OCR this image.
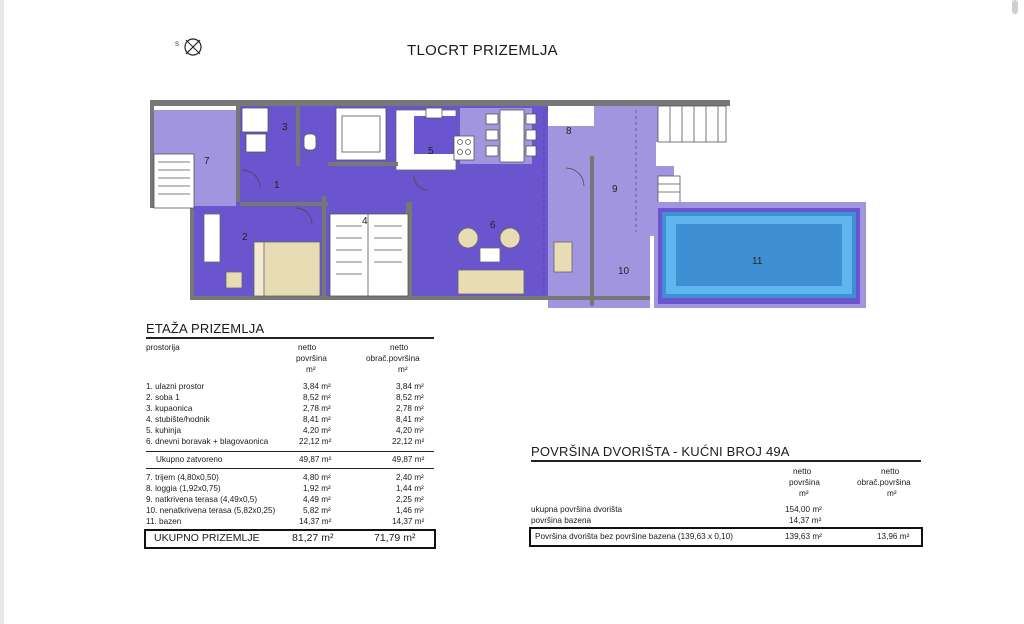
TLOCRT PRIZEMLJA
S
1
2
3
4
5
6
7
8
9
10
11
ETAŽA PRIZEMLJA
prostorija	netto
površina
m²
netto
obrač.površina
m²
1. ulazni prostor	3,84 m²	3,84 m²
2. soba 1	8,52 m²	8,52 m²
3. kupaonica	2,78 m²	2,78 m²
4. stubište/hodnik	8,41 m²	8,41 m²
5. kuhinja	4,20 m²	4,20 m²
6. dnevni boravak + blagovaonica	22,12 m²	22,12 m²
Ukupno zatvoreno	49,87 m²	49,87 m²
7. trijem (4,80x0,50)	4,80 m²	2,40 m²
8. loggia (1,92x0,75)	1,92 m²	1,44 m²
9. natkrivena terasa (4,49x0,5)	4,49 m²	2,25 m²
10. nenatkrivena terasa (5,82x0,25)	5,82 m²	1,46 m²
11. bazen	14,37 m²	14,37 m²
UKUPNO PRIZEMLJE	81,27 m²	71,79 m²
POVRŠINA DVORIŠTA - KUĆNI BROJ 49A
netto
površina
m²
netto
obrač.površina
m²
ukupna površina dvorišta	154,00 m²
površina bazena	14,37 m²
Površina dvorišta bez površine bazena (139,63 x 0,10)	139,63 m²	13,96 m²
